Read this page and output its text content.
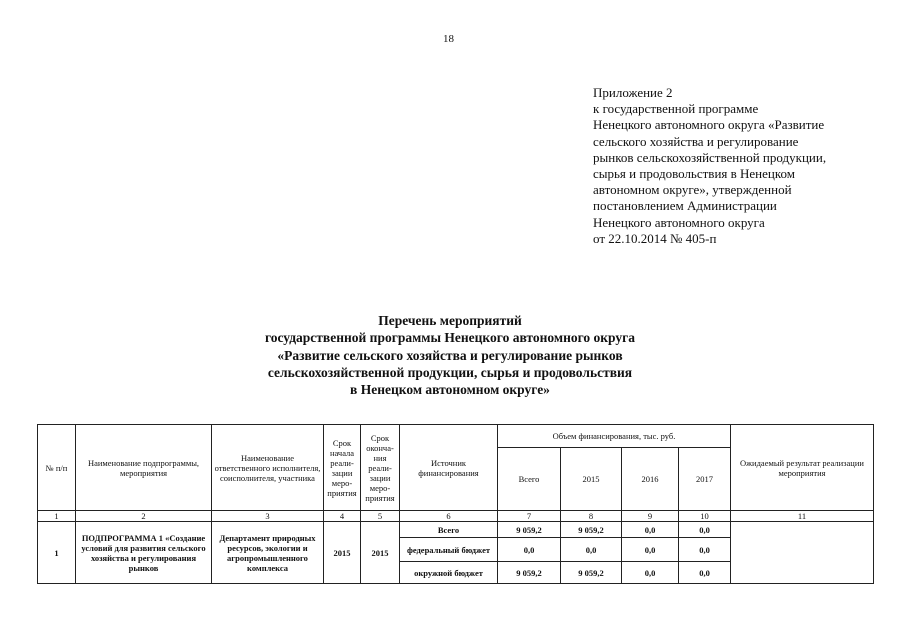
18
Приложение 2
к государственной программе
Ненецкого автономного округа «Развитие
сельского хозяйства и регулирование
рынков сельскохозяйственной продукции,
сырья и продовольствия в Ненецком
автономном округе», утвержденной
постановлением Администрации
Ненецкого автономного округа
от 22.10.2014 № 405-п
Перечень мероприятий
государственной программы Ненецкого автономного округа
«Развитие сельского хозяйства и регулирование рынков
сельскохозяйственной продукции, сырья и продовольствия
в Ненецком автономном округе»
№ п/п	Наименование подпрограммы, мероприятия	Наименование ответственного исполнителя, соисполнителя, участника	Срок начала реали-зации меро-приятия	Срок оконча-ния реали-зации меро-приятия	Источник финансирования	Объем финансирования, тыс. руб.				Ожидаемый результат реализации мероприятия
						Всего	2015	2016	2017	
1	2	3	4	5	6	7	8	9	10	11
1	ПОДПРОГРАММА 1 «Создание условий для развития сельского хозяйства и регулирования рынков	Департамент природных ресурсов, экологии и агропромышленного комплекса	2015	2015	Всего	9 059,2	9 059,2	0,0	0,0	
					федеральный бюджет	0,0	0,0	0,0	0,0	
					окружной бюджет	9 059,2	9 059,2	0,0	0,0	
